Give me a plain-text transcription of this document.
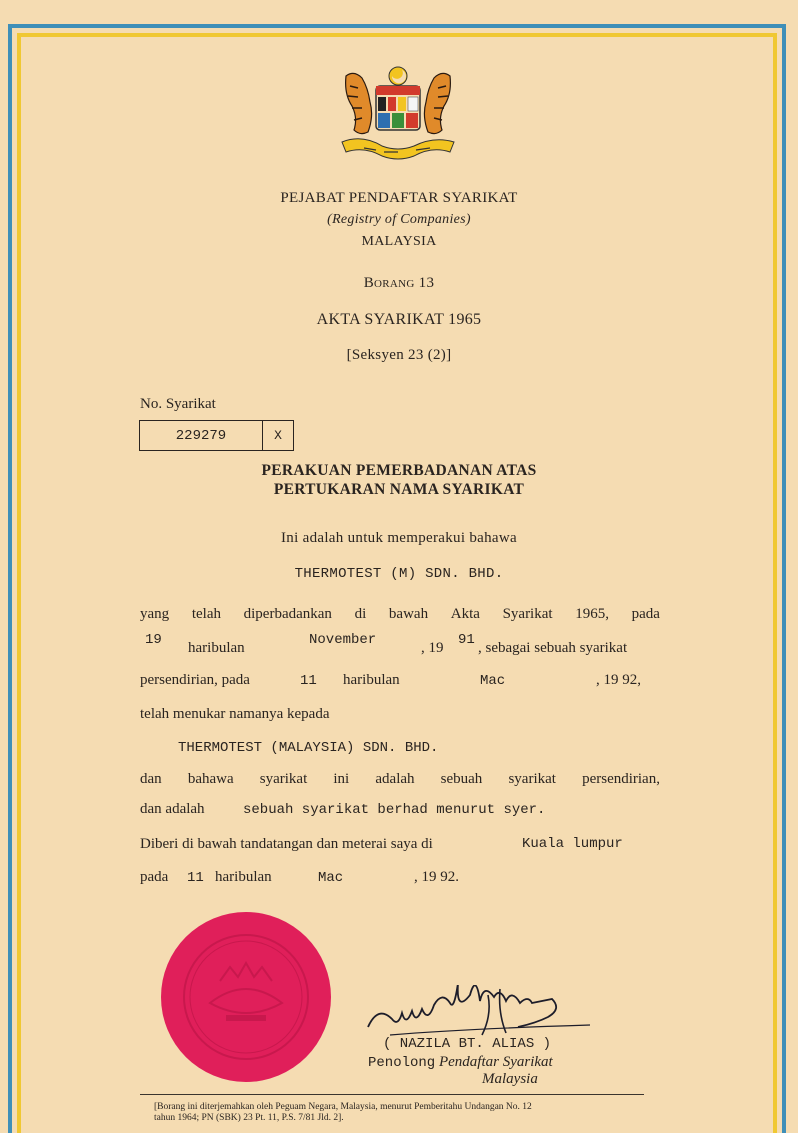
PEJABAT PENDAFTAR SYARIKAT
(Registry of Companies)
MALAYSIA
Borang 13
AKTA SYARIKAT 1965
[Seksyen 23 (2)]
No. Syarikat
229279	X
PERAKUAN PEMERBADANAN ATAS
PERTUKARAN NAMA SYARIKAT
Ini adalah untuk memperakui bahawa
THERMOTEST (M) SDN. BHD.
yang telah diperbadankan di bawah Akta Syarikat 1965, pada
19 haribulan	November	, 19 91 , sebagai sebuah syarikat
persendirian, pada	11 haribulan	Mac	, 19 92,
telah menukar namanya kepada
THERMOTEST (MALAYSIA) SDN. BHD.
dan bahawa syarikat ini adalah sebuah syarikat persendirian,
dan adalah	sebuah syarikat berhad menurut syer.
Diberi di bawah tandatangan dan meterai saya di	Kuala lumpur
pada 11 haribulan	Mac	, 19 92.
( NAZILA BT. ALIAS )
Penolong Pendaftar Syarikat
Malaysia
[Borang ini diterjemahkan oleh Peguam Negara, Malaysia, menurut Pemberitahu Undangan No. 12
tahun 1964; PN (SBK) 23 Pt. 11, P.S. 7/81 Jld. 2].
